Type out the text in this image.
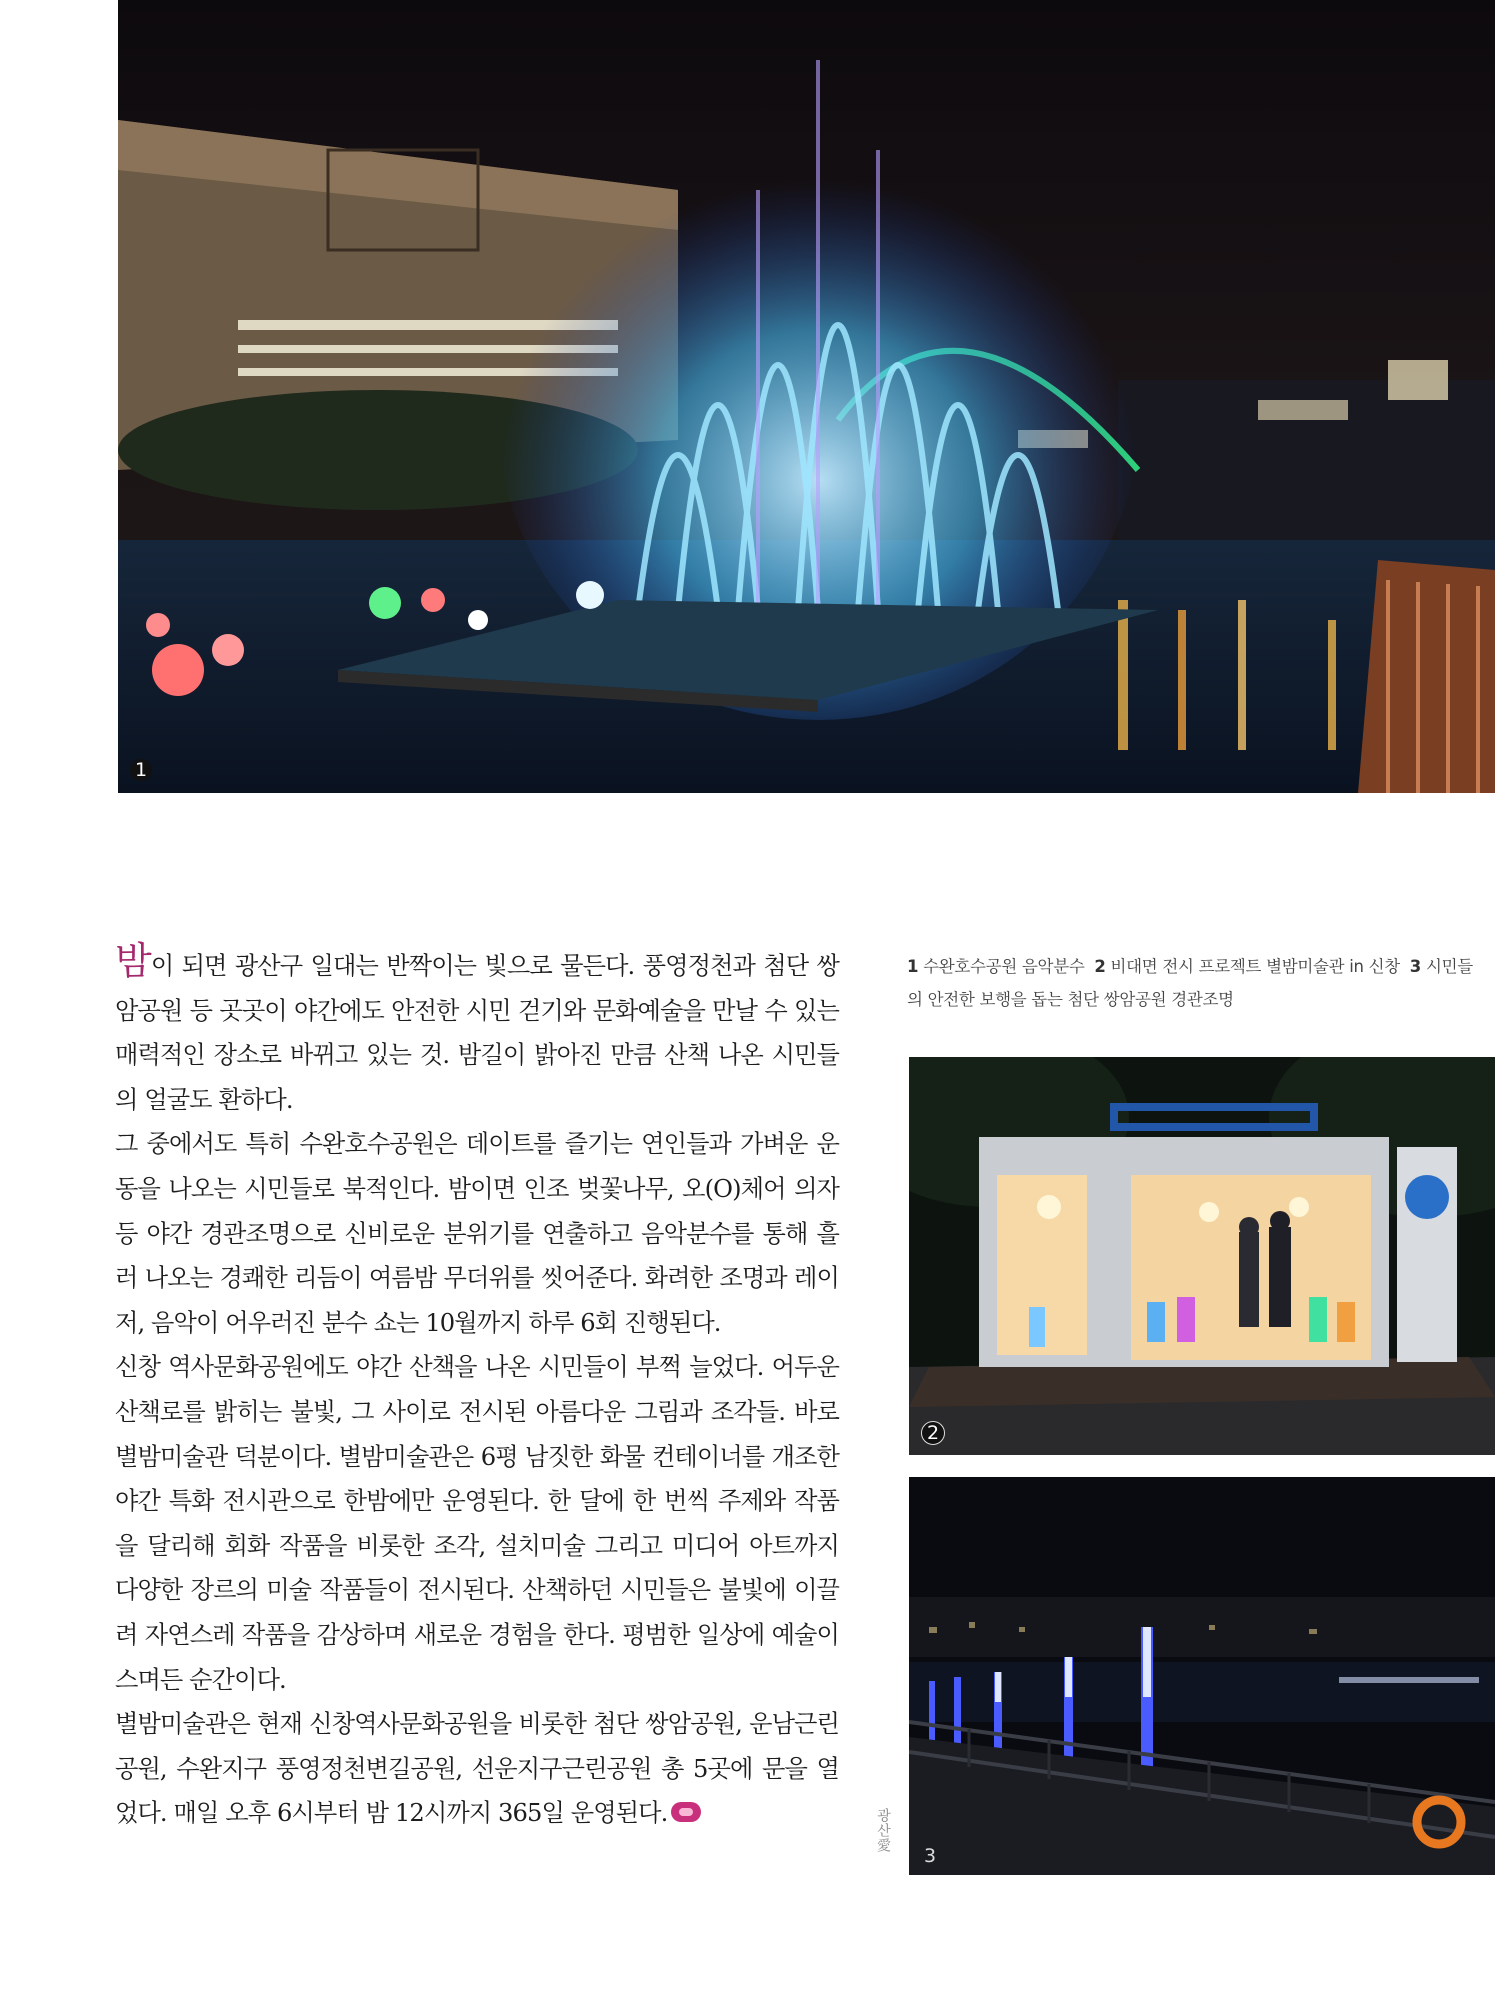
1
1 수완호수공원 음악분수 2 비대면 전시 프로젝트 별밤미술관 in 신창 3 시민들의 안전한 보행을 돕는 첨단 쌍암공원 경관조명

밤이 되면 광산구 일대는 반짝이는 빛으로 물든다. 풍영정천과 첨단 쌍암공원 등 곳곳이 야간에도 안전한 시민 걷기와 문화예술을 만날 수 있는 매력적인 장소로 바뀌고 있는 것. 밤길이 밝아진 만큼 산책 나온 시민들의 얼굴도 환하다.

그 중에서도 특히 수완호수공원은 데이트를 즐기는 연인들과 가벼운 운동을 나오는 시민들로 북적인다. 밤이면 인조 벚꽃나무, 오(O)체어 의자 등 야간 경관조명으로 신비로운 분위기를 연출하고 음악분수를 통해 흘러 나오는 경쾌한 리듬이 여름밤 무더위를 씻어준다. 화려한 조명과 레이저, 음악이 어우러진 분수 쇼는 10월까지 하루 6회 진행된다.

신창 역사문화공원에도 야간 산책을 나온 시민들이 부쩍 늘었다. 어두운 산책로를 밝히는 불빛, 그 사이로 전시된 아름다운 그림과 조각들. 바로 별밤미술관 덕분이다. 별밤미술관은 6평 남짓한 화물 컨테이너를 개조한 야간 특화 전시관으로 한밤에만 운영된다. 한 달에 한 번씩 주제와 작품을 달리해 회화 작품을 비롯한 조각, 설치미술 그리고 미디어 아트까지 다양한 장르의 미술 작품들이 전시된다. 산책하던 시민들은 불빛에 이끌려 자연스레 작품을 감상하며 새로운 경험을 한다. 평범한 일상에 예술이 스며든 순간이다.

별밤미술관은 현재 신창역사문화공원을 비롯한 첨단 쌍암공원, 운남근린공원, 수완지구 풍영정천변길공원, 선운지구근린공원 총 5곳에 문을 열었다. 매일 오후 6시부터 밤 12시까지 365일 운영된다.	광산愛
2
3
